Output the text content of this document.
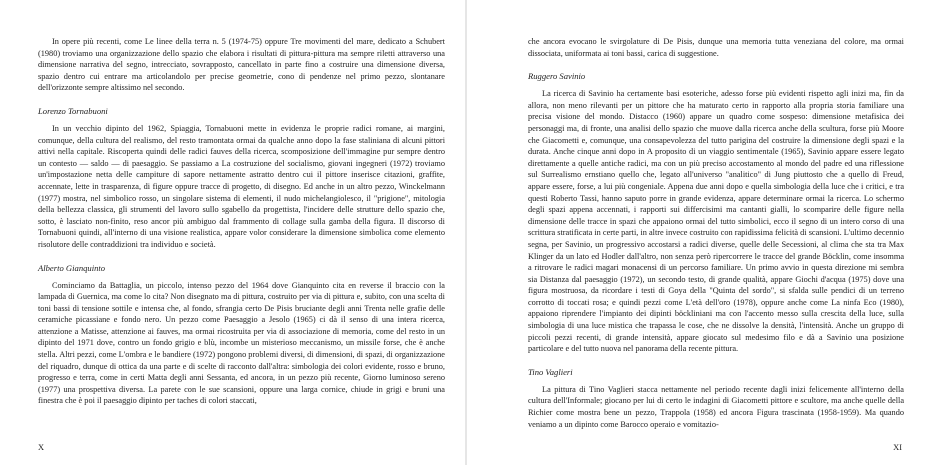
In opere più recenti, come Le linee della terra n. 5 (1974-75) oppure Tre movimenti del mare, dedicato a Schubert (1980) troviamo una organizzazione dello spazio che elabora i risultati di pittura-pittura ma sempre riletti attraverso una dimensione narrativa del segno, intrecciato, sovrapposto, cancellato in parte fino a costruire una dimensione diversa, spazio dentro cui entrare ma articolandolo per precise geometrie, cono di pendenze nel primo pezzo, slontanare dell'orizzonte sempre altissimo nel secondo.

Lorenzo Tornabuoni

In un vecchio dipinto del 1962, Spiaggia, Tornabuoni mette in evidenza le proprie radici romane, ai margini, comunque, della cultura del realismo, del resto tramontata ormai da qualche anno dopo la fase staliniana di alcuni pittori attivi nella capitale. Riscoperta quindi delle radici fauves della ricerca, scomposizione dell'immagine pur sempre dentro un contesto — saldo — di paesaggio. Se passiamo a La costruzione del socialismo, giovani ingegneri (1972) troviamo un'impostazione netta delle campiture di sapore nettamente astratto dentro cui il pittore inserisce citazioni, graffite, accennate, lette in trasparenza, di figure oppure tracce di progetto, di disegno. Ed anche in un altro pezzo, Winckelmann (1977) mostra, nel simbolico rosso, un singolare sistema di elementi, il nudo michelangiolesco, il "prigione", mitologia della bellezza classica, gli strumenti del lavoro sullo sgabello da progettista, l'incidere delle strutture dello spazio che, sotto, è lasciato non-finito, reso ancor più ambiguo dal frammento di collage sulla gamba della figura. Il discorso di Tornabuoni quindi, all'interno di una visione realistica, appare volor considerare la dimensione simbolica come elemento risolutore delle contraddizioni tra individuo e società.

Alberto Gianquinto

Cominciamo da Battaglia, un piccolo, intenso pezzo del 1964 dove Gianquinto cita en reverse il braccio con la lampada di Guernica, ma come lo cita? Non disegnato ma di pittura, costruito per via di pittura e, subito, con una scelta di toni bassi di tensione sottile e intensa che, al fondo, sfrangia certo De Pisis bruciante degli anni Trenta nelle grafie delle ceramiche picassiane e fondo nero. Un pezzo come Paesaggio a Jesolo (1965) ci dà il senso di una intera ricerca, attenzione a Matisse, attenzione ai fauves, ma ormai ricostruita per via di associazione di memoria, come del resto in un dipinto del 1971 dove, contro un fondo grigio e blù, incombe un misterioso meccanismo, un missile forse, che è anche stella. Altri pezzi, come L'ombra e le bandiere (1972) pongono problemi diversi, di dimensioni, di spazi, di organizzazione del riquadro, dunque di ottica da una parte e di scelte di racconto dall'altra: simbologia dei colori evidente, rosso e bruno, progresso e terra, come in certi Matta degli anni Sessanta, ed ancora, in un pezzo più recente, Giorno luminoso sereno (1977) una prospettiva diversa. La parete con le sue scansioni, oppure una larga cornice, chiude in grigi e bruni una finestra che è poi il paesaggio dipinto per taches di colori staccati,

X

che ancora evocano le svirgolature di De Pisis, dunque una memoria tutta veneziana del colore, ma ormai dissociata, uniformata ai toni bassi, carica di suggestione.

Ruggero Savinio

La ricerca di Savinio ha certamente basi esoteriche, adesso forse più evidenti rispetto agli inizi ma, fin da allora, non meno rilevanti per un pittore che ha maturato certo in rapporto alla propria storia familiare una precisa visione del mondo. Distacco (1960) appare un quadro come sospeso: dimensione metafisica dei personaggi ma, di fronte, una analisi dello spazio che muove dalla ricerca anche della scultura, forse più Moore che Giacometti e, comunque, una consapevolezza del tutto parigina del costruire la dimensione degli spazi e la durata. Anche cinque anni dopo in A proposito di un viaggio sentimentale (1965), Savinio appare essere legato direttamente a quelle antiche radici, ma con un più preciso accostamento al mondo del padre ed una riflessione sul Surrealismo ernstiano quello che, legato all'universo "analitico" di Jung piuttosto che a quello di Freud, appare essere, forse, a lui più congeniale. Appena due anni dopo e quella simbologia della luce che i critici, e tra questi Roberto Tassi, hanno saputo porre in grande evidenza, appare determinare ormai la ricerca. Lo schermo degli spazi appena accennati, i rapporti sui differcisimi ma cantanti gialli, lo scomparire delle figure nella dimensione delle tracce in spazi che appaiono ormai del tutto simbolici, ecco il segno di un intero corso di una scrittura stratificata in certe parti, in altre invece costruito con rapidissima felicità di scansioni. L'ultimo decennio segna, per Savinio, un progressivo accostarsi a radici diverse, quelle delle Secessioni, al clima che sta tra Max Klinger da un lato ed Hodler dall'altro, non senza però ripercorrere le tracce del grande Böcklin, come insomma a ritrovare le radici magari monacensi di un percorso familiare. Un primo avvio in questa direzione mi sembra sia Distanza dal paesaggio (1972), un secondo testo, di grande qualità, appare Giochi d'acqua (1975) dove una figura mostruosa, da ricordare i testi di Goya della "Quinta del sordo", si sfalda sulle pendici di un terreno corrotto di toccati rosa; e quindi pezzi come L'età dell'oro (1978), oppure anche come La ninfa Eco (1980), appaiono riprendere l'impianto dei dipinti böckliniani ma con l'accento messo sulla crescita della luce, sulla simbologia di una luce mistica che trapassa le cose, che ne dissolve la densità, l'intensità. Anche un gruppo di piccoli pezzi recenti, di grande intensità, appare giocato sul medesimo filo e dà a Savinio una posizione particolare e del tutto nuova nel panorama della recente pittura.

Tino Vaglieri

La pittura di Tino Vaglieri stacca nettamente nel periodo recente dagli inizi felicemente all'interno della cultura dell'Informale; giocano per lui di certo le indagini di Giacometti pittore e scultore, ma anche quelle della Richier come mostra bene un pezzo, Trappola (1958) ed ancora Figura trascinata (1958-1959). Ma quando veniamo a un dipinto come Barocco operaio e vomitazio-

XI
